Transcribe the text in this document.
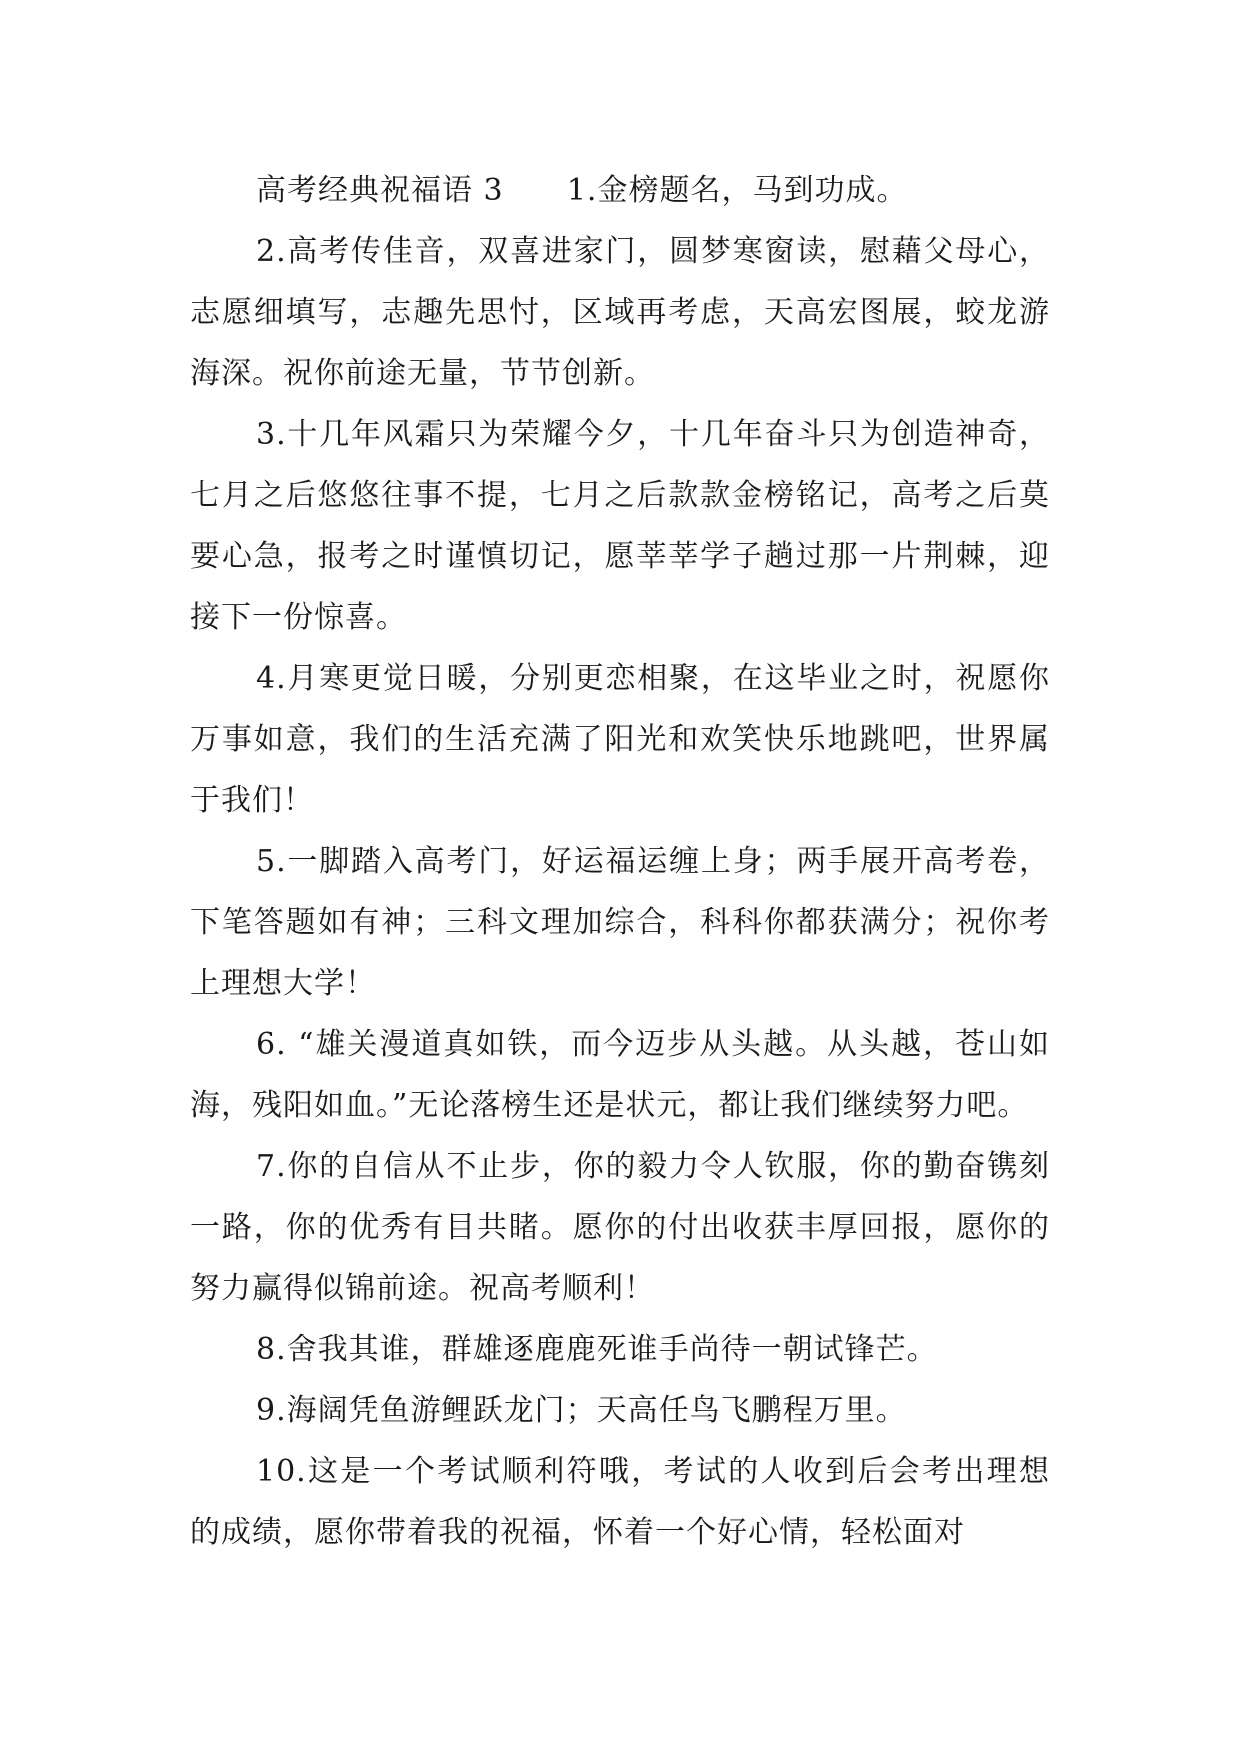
高考经典祝福语 3 1.金榜题名，马到功成。

2.高考传佳音，双喜进家门，圆梦寒窗读，慰藉父母心，志愿细填写，志趣先思忖，区域再考虑，天高宏图展，蛟龙游海深。祝你前途无量，节节创新。

3.十几年风霜只为荣耀今夕，十几年奋斗只为创造神奇，七月之后悠悠往事不提，七月之后款款金榜铭记，高考之后莫要心急，报考之时谨慎切记，愿莘莘学子趟过那一片荆棘，迎接下一份惊喜。

4.月寒更觉日暖，分别更恋相聚，在这毕业之时，祝愿你万事如意，我们的生活充满了阳光和欢笑快乐地跳吧，世界属于我们！

5.一脚踏入高考门，好运福运缠上身；两手展开高考卷，下笔答题如有神；三科文理加综合，科科你都获满分；祝你考上理想大学！

6. “雄关漫道真如铁，而今迈步从头越。从头越，苍山如海，残阳如血。”无论落榜生还是状元，都让我们继续努力吧。

7.你的自信从不止步，你的毅力令人钦服，你的勤奋镌刻一路，你的优秀有目共睹。愿你的付出收获丰厚回报，愿你的努力赢得似锦前途。祝高考顺利！

8.舍我其谁，群雄逐鹿鹿死谁手尚待一朝试锋芒。

9.海阔凭鱼游鲤跃龙门；天高任鸟飞鹏程万里。

10.这是一个考试顺利符哦，考试的人收到后会考出理想的成绩，愿你带着我的祝福，怀着一个好心情，轻松面对
